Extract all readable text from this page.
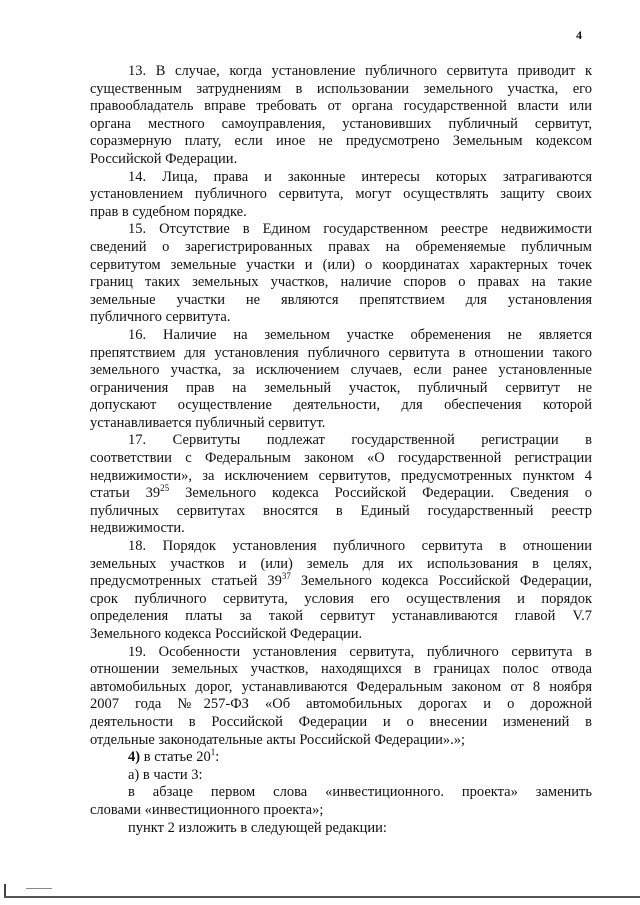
4
13. В случае, когда установление публичного сервитута приводит к
существенным затруднениям в использовании земельного участка, его
правообладатель вправе требовать от органа государственной власти или
органа местного самоуправления, установивших публичный сервитут,
соразмерную плату, если иное не предусмотрено Земельным кодексом
Российской Федерации.
14. Лица, права и законные интересы которых затрагиваются
установлением публичного сервитута, могут осуществлять защиту своих
прав в судебном порядке.
15. Отсутствие в Едином государственном реестре недвижимости
сведений о зарегистрированных правах на обременяемые публичным
сервитутом земельные участки и (или) о координатах характерных точек
границ таких земельных участков, наличие споров о правах на такие
земельные участки не являются препятствием для установления
публичного сервитута.
16. Наличие на земельном участке обременения не является
препятствием для установления публичного сервитута в отношении такого
земельного участка, за исключением случаев, если ранее установленные
ограничения прав на земельный участок, публичный сервитут не
допускают осуществление деятельности, для обеспечения которой
устанавливается публичный сервитут.
17. Сервитуты подлежат государственной регистрации в
соответствии с Федеральным законом «О государственной регистрации
недвижимости», за исключением сервитутов, предусмотренных пунктом 4
статьи $39^{25}$ Земельного кодекса Российской Федерации. Сведения о
публичных сервитутах вносятся в Единый государственный реестр
недвижимости.
18. Порядок установления публичного сервитута в отношении
земельных участков и (или) земель для их использования в целях,
предусмотренных статьей $39^{37}$ Земельного кодекса Российской Федерации,
срок публичного сервитута, условия его осуществления и порядок
определения платы за такой сервитут устанавливаются главой V.7
Земельного кодекса Российской Федерации.
19. Особенности установления сервитута, публичного сервитута в
отношении земельных участков, находящихся в границах полос отвода
автомобильных дорог, устанавливаются Федеральным законом от 8 ноября
2007 года №257-ФЗ «Об автомобильных дорогах и о дорожной
деятельности в Российской Федерации и о внесении изменений в
отдельные законодательные акты Российской Федерации».»;
4) в статье $20^1$:
а) в части 3:
в абзаце первом слова «инвестиционного. проекта» заменить
словами «инвестиционного проекта»;
пункт 2 изложить в следующей редакции:
